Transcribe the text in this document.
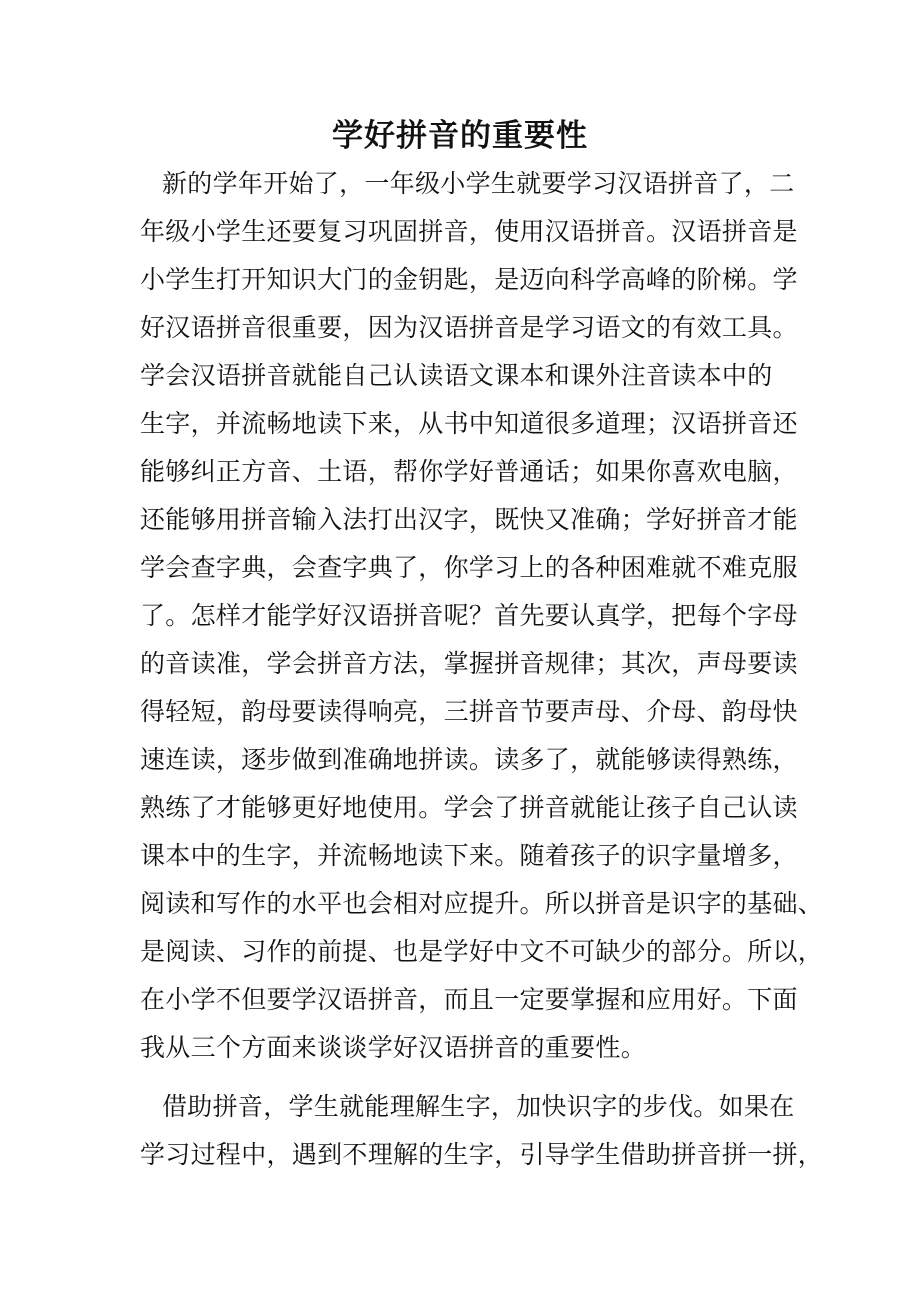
学好拼音的重要性
新的学年开始了，一年级小学生就要学习汉语拼音了，二
年级小学生还要复习巩固拼音，使用汉语拼音。汉语拼音是
小学生打开知识大门的金钥匙，是迈向科学高峰的阶梯。学
好汉语拼音很重要，因为汉语拼音是学习语文的有效工具。
学会汉语拼音就能自己认读语文课本和课外注音读本中的
生字，并流畅地读下来，从书中知道很多道理；汉语拼音还
能够纠正方音、土语，帮你学好普通话；如果你喜欢电脑，
还能够用拼音输入法打出汉字，既快又准确；学好拼音才能
学会查字典，会查字典了，你学习上的各种困难就不难克服
了。怎样才能学好汉语拼音呢？首先要认真学，把每个字母
的音读准，学会拼音方法，掌握拼音规律；其次，声母要读
得轻短，韵母要读得响亮，三拼音节要声母、介母、韵母快
速连读，逐步做到准确地拼读。读多了，就能够读得熟练，
熟练了才能够更好地使用。学会了拼音就能让孩子自己认读
课本中的生字，并流畅地读下来。随着孩子的识字量增多，
阅读和写作的水平也会相对应提升。所以拼音是识字的基础、
是阅读、习作的前提、也是学好中文不可缺少的部分。所以，
在小学不但要学汉语拼音，而且一定要掌握和应用好。下面
我从三个方面来谈谈学好汉语拼音的重要性。
借助拼音，学生就能理解生字，加快识字的步伐。如果在
学习过程中，遇到不理解的生字，引导学生借助拼音拼一拼，
